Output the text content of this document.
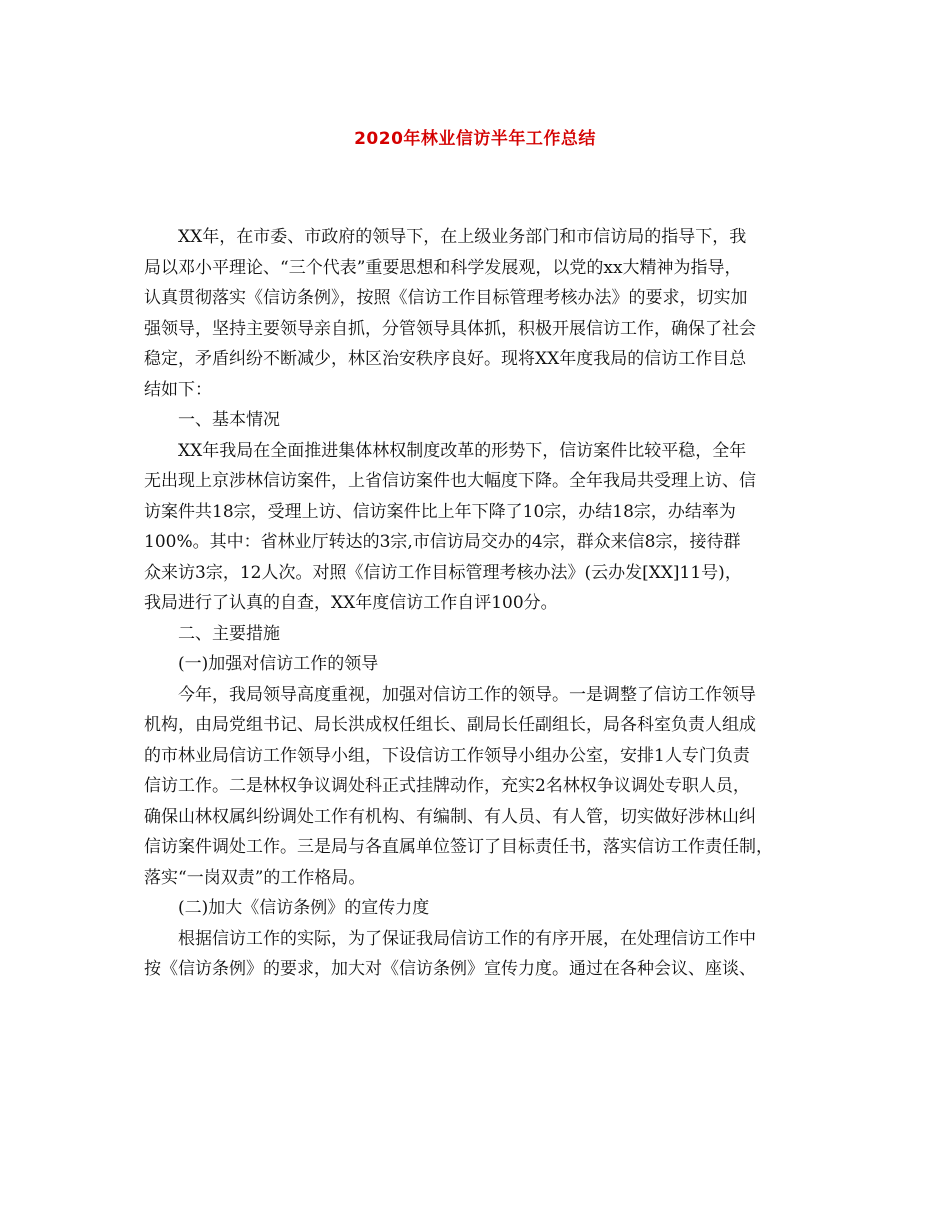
2020年林业信访半年工作总结
XX年，在市委、市政府的领导下，在上级业务部门和市信访局的指导下，我
局以邓小平理论、“三个代表”重要思想和科学发展观，以党的xx大精神为指导，
认真贯彻落实《信访条例》，按照《信访工作目标管理考核办法》的要求，切实加
强领导，坚持主要领导亲自抓，分管领导具体抓，积极开展信访工作，确保了社会
稳定，矛盾纠纷不断减少，林区治安秩序良好。现将XX年度我局的信访工作目总
结如下：
一、基本情况
XX年我局在全面推进集体林权制度改革的形势下，信访案件比较平稳，全年
无出现上京涉林信访案件，上省信访案件也大幅度下降。全年我局共受理上访、信
访案件共18宗，受理上访、信访案件比上年下降了10宗，办结18宗，办结率为
100%。其中：省林业厅转达的3宗,市信访局交办的4宗，群众来信8宗，接待群
众来访3宗，12人次。对照《信访工作目标管理考核办法》(云办发[XX]11号)，
我局进行了认真的自查，XX年度信访工作自评100分。
二、主要措施
(一)加强对信访工作的领导
今年，我局领导高度重视，加强对信访工作的领导。一是调整了信访工作领导
机构，由局党组书记、局长洪成权任组长、副局长任副组长，局各科室负责人组成
的市林业局信访工作领导小组，下设信访工作领导小组办公室，安排1人专门负责
信访工作。二是林权争议调处科正式挂牌动作，充实2名林权争议调处专职人员，
确保山林权属纠纷调处工作有机构、有编制、有人员、有人管，切实做好涉林山纠
信访案件调处工作。三是局与各直属单位签订了目标责任书，落实信访工作责任制，
落实“一岗双责”的工作格局。
(二)加大《信访条例》的宣传力度
根据信访工作的实际，为了保证我局信访工作的有序开展，在处理信访工作中
按《信访条例》的要求，加大对《信访条例》宣传力度。通过在各种会议、座谈、
